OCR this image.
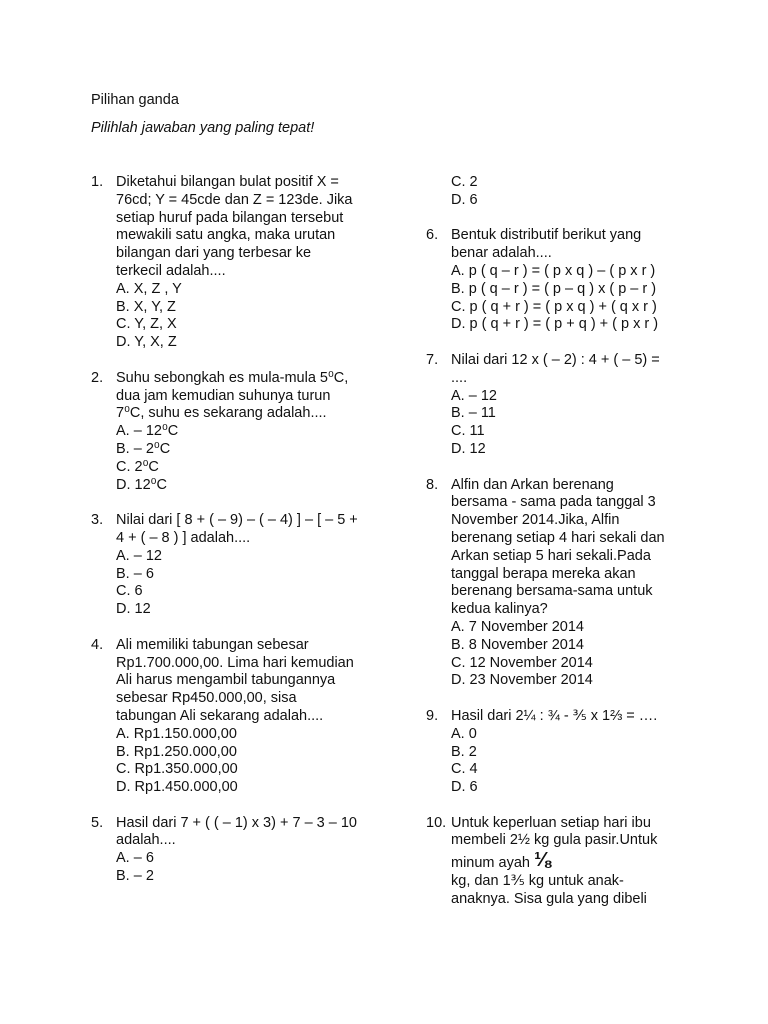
Pilihan ganda
Pilihlah jawaban yang paling tepat!
1. Diketahui bilangan bulat positif X =
76cd; Y = 45cde dan Z = 123de. Jika
setiap huruf pada bilangan tersebut
mewakili satu angka, maka urutan
bilangan dari yang terbesar ke
terkecil adalah....
A. X, Z , Y
B. X, Y, Z
C. Y, Z, X
D. Y, X, Z
2. Suhu sebongkah es mula-mula 5⁰C,
dua jam kemudian suhunya turun
7⁰C, suhu es sekarang adalah....
A. – 12⁰C
B. – 2⁰C
C. 2⁰C
D. 12⁰C
3. Nilai dari [ 8 + ( – 9) – ( – 4) ] – [ – 5 +
4 + ( – 8 ) ] adalah....
A. – 12
B. – 6
C. 6
D. 12
4. Ali memiliki tabungan sebesar
Rp1.700.000,00. Lima hari kemudian
Ali harus mengambil tabungannya
sebesar Rp450.000,00, sisa
tabungan Ali sekarang adalah....
A. Rp1.150.000,00
B. Rp1.250.000,00
C. Rp1.350.000,00
D. Rp1.450.000,00
5. Hasil dari 7 + ( ( – 1) x 3) + 7 – 3 – 10
adalah....
A. – 6
B. – 2
C. 2
D. 6
6. Bentuk distributif berikut yang
benar adalah....
A. p ( q – r ) = ( p x q ) – ( p x r )
B. p ( q – r ) = ( p – q ) x ( p – r )
C. p ( q + r ) = ( p x q ) + ( q x r )
D. p ( q + r ) = ( p + q ) + ( p x r )
7. Nilai dari 12 x ( – 2) : 4 + ( – 5) =
....
A. – 12
B. – 11
C. 11
D. 12
8. Alfin dan Arkan berenang
bersama - sama pada tanggal 3
November 2014.Jika, Alfin
berenang setiap 4 hari sekali dan
Arkan setiap 5 hari sekali.Pada
tanggal berapa mereka akan
berenang bersama-sama untuk
kedua kalinya?
A. 7 November 2014
B. 8 November 2014
C. 12 November 2014
D. 23 November 2014
9. Hasil dari 2¼ : ¾ - ⅗ x 1⅔ = ….
A. 0
B. 2
C. 4
D. 6
10. Untuk keperluan setiap hari ibu
membeli 2½ kg gula pasir.Untuk
minum ayah ⅛
kg, dan 1⅗ kg untuk anak-
anaknya. Sisa gula yang dibeli
